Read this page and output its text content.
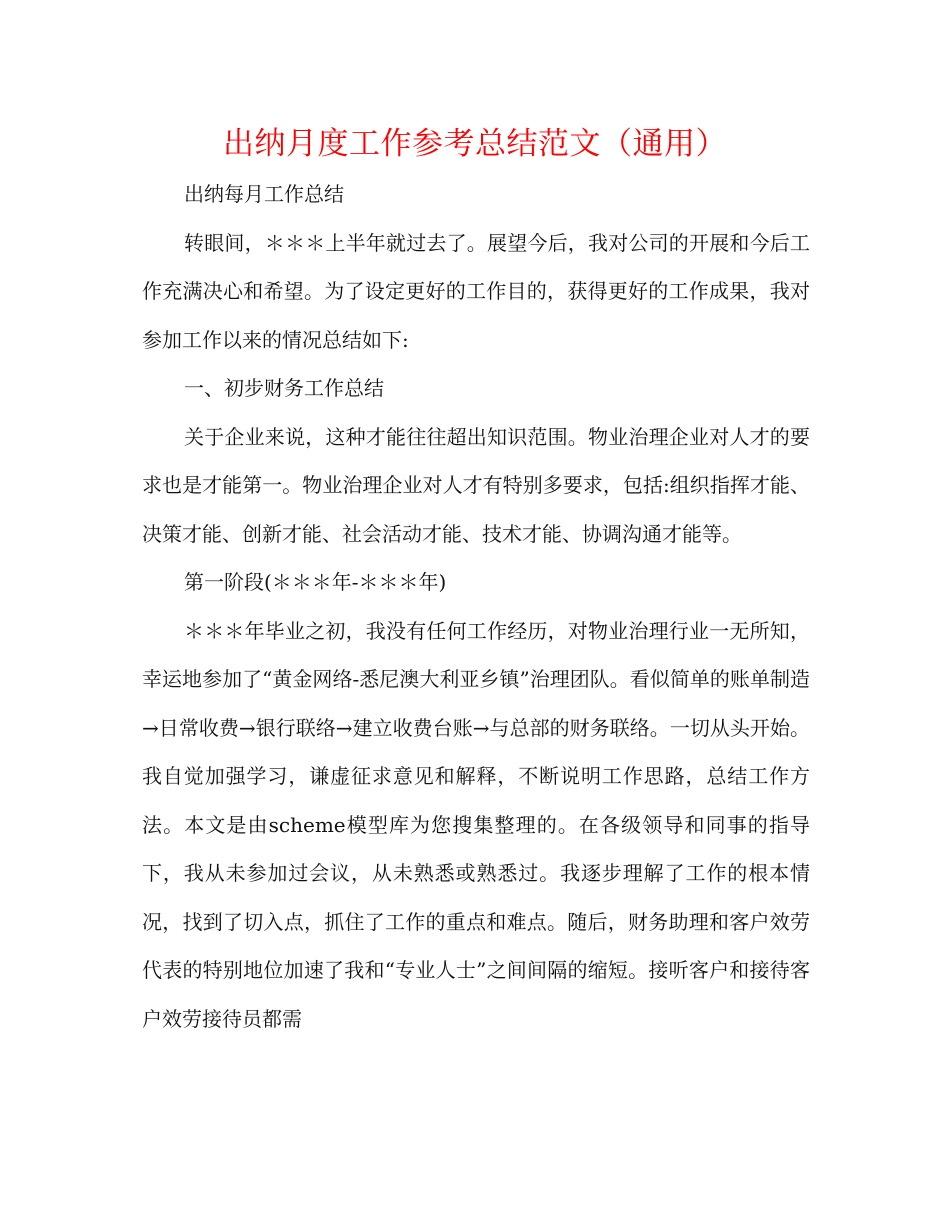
出纳月度工作参考总结范文（通用）

出纳每月工作总结

转眼间，＊＊＊上半年就过去了。展望今后，我对公司的开展和今后工作充满决心和希望。为了设定更好的工作目的，获得更好的工作成果，我对参加工作以来的情况总结如下:

一、初步财务工作总结

关于企业来说，这种才能往往超出知识范围。物业治理企业对人才的要求也是才能第一。物业治理企业对人才有特别多要求，包括:组织指挥才能、决策才能、创新才能、社会活动才能、技术才能、协调沟通才能等。

第一阶段(＊＊＊年-＊＊＊年)

＊＊＊年毕业之初，我没有任何工作经历，对物业治理行业一无所知，幸运地参加了“黄金网络-悉尼澳大利亚乡镇”治理团队。看似简单的账单制造→日常收费→银行联络→建立收费台账→与总部的财务联络。一切从头开始。我自觉加强学习，谦虚征求意见和解释，不断说明工作思路，总结工作方法。本文是由scheme模型库为您搜集整理的。在各级领导和同事的指导下，我从未参加过会议，从未熟悉或熟悉过。我逐步理解了工作的根本情况，找到了切入点，抓住了工作的重点和难点。随后，财务助理和客户效劳代表的特别地位加速了我和“专业人士”之间间隔的缩短。接听客户和接待客户效劳接待员都需
